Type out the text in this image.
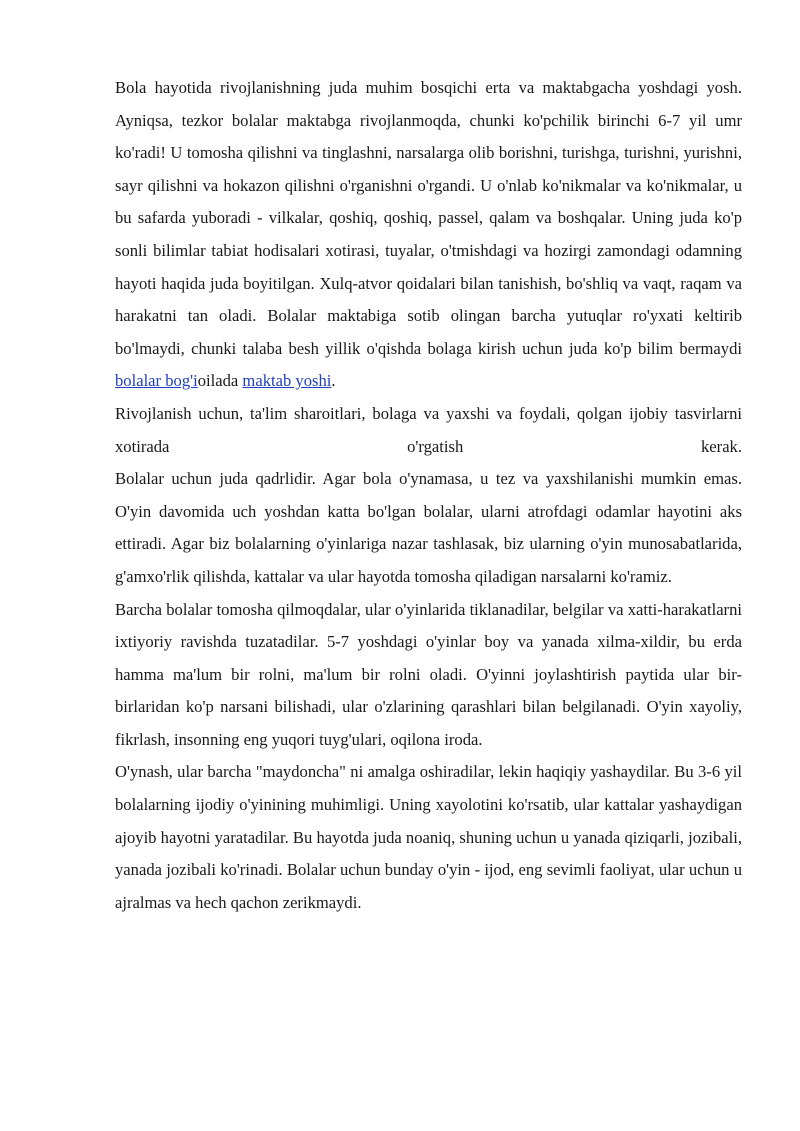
Bola hayotida rivojlanishning juda muhim bosqichi erta va maktabgacha yoshdagi yosh. Ayniqsa, tezkor bolalar maktabga rivojlanmoqda, chunki ko'pchilik birinchi 6-7 yil umr ko'radi! U tomosha qilishni va tinglashni, narsalarga olib borishni, turishga, turishni, yurishni, sayr qilishni va hokazon qilishni o'rganishni o'rgandi. U o'nlab ko'nikmalar va ko'nikmalar, u bu safarda yuboradi - vilkalar, qoshiq, qoshiq, passel, qalam va boshqalar. Uning juda ko'p sonli bilimlar tabiat hodisalari xotirasi, tuyalar, o'tmishdagi va hozirgi zamondagi odamning hayoti haqida juda boyitilgan. Xulq-atvor qoidalari bilan tanishish, bo'shliq va vaqt, raqam va harakatni tan oladi. Bolalar maktabiga sotib olingan barcha yutuqlar ro'yxati keltirib bo'lmaydi, chunki talaba besh yillik o'qishda bolaga kirish uchun juda ko'p bilim bermaydi bolalar bog'ioilada maktab yoshi.

Rivojlanish uchun, ta'lim sharoitlari, bolaga va yaxshi va foydali, qolgan ijobiy tasvirlarni xotirada o'rgatish kerak.

Bolalar uchun juda qadrlidir. Agar bola o'ynamasa, u tez va yaxshilanishi mumkin emas. O'yin davomida uch yoshdan katta bo'lgan bolalar, ularni atrofdagi odamlar hayotini aks ettiradi. Agar biz bolalarning o'yinlariga nazar tashlasak, biz ularning o'yin munosabatlarida, g'amxo'rlik qilishda, kattalar va ular hayotda tomosha qiladigan narsalarni ko'ramiz.

Barcha bolalar tomosha qilmoqdalar, ular o'yinlarida tiklanadilar, belgilar va xatti-harakatlarni ixtiyoriy ravishda tuzatadilar. 5-7 yoshdagi o'yinlar boy va yanada xilma-xildir, bu erda hamma ma'lum bir rolni, ma'lum bir rolni oladi. O'yinni joylashtirish paytida ular bir-birlaridan ko'p narsani bilishadi, ular o'zlarining qarashlari bilan belgilanadi. O'yin xayoliy, fikrlash, insonning eng yuqori tuyg'ulari, oqilona iroda.

O'ynash, ular barcha "maydoncha" ni amalga oshiradilar, lekin haqiqiy yashaydilar. Bu 3-6 yil bolalarning ijodiy o'yinining muhimligi. Uning xayolotini ko'rsatib, ular kattalar yashaydigan ajoyib hayotni yaratadilar. Bu hayotda juda noaniq, shuning uchun u yanada qiziqarli, jozibali, yanada jozibali ko'rinadi. Bolalar uchun bunday o'yin - ijod, eng sevimli faoliyat, ular uchun u ajralmas va hech qachon zerikmaydi.
